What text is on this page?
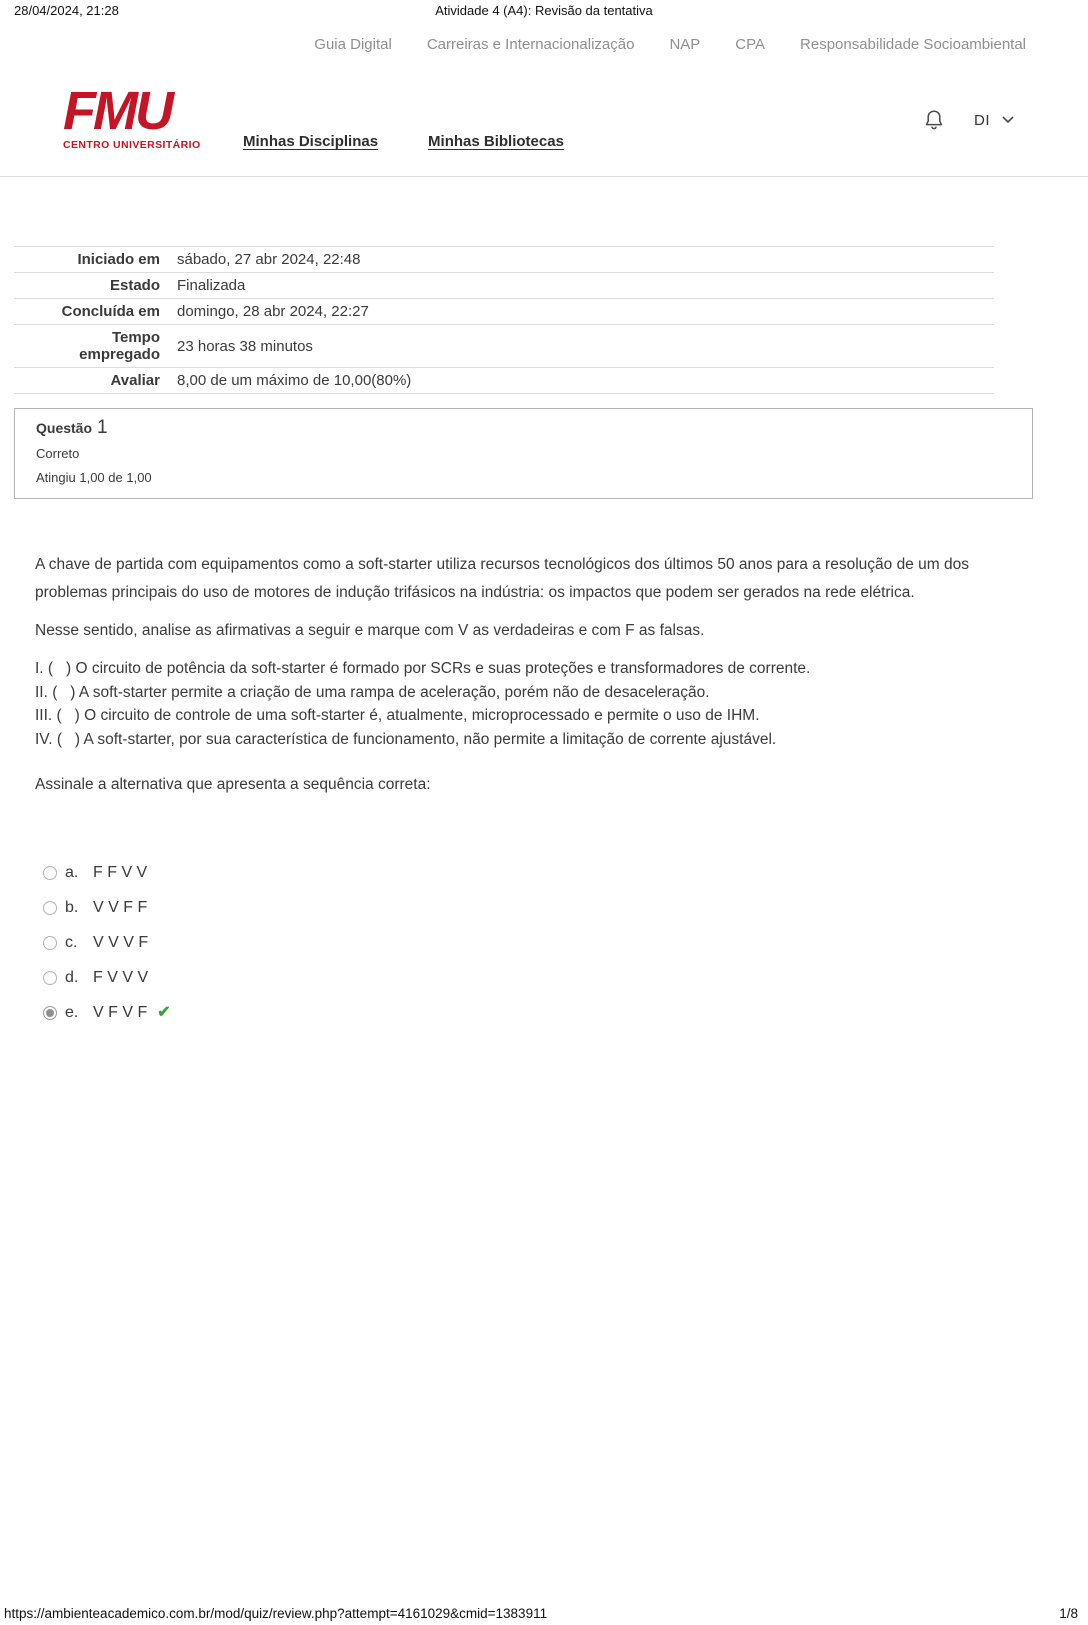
28/04/2024, 21:28	Atividade 4 (A4): Revisão da tentativa
Guia Digital Carreiras e Internacionalização NAP CPA Responsabilidade Socioambiental
FMU
CENTRO UNIVERSITÁRIO	Minhas Disciplinas	Minhas Bibliotecas
DI
Iniciado em	sábado, 27 abr 2024, 22:48
Estado	Finalizada
Concluída em	domingo, 28 abr 2024, 22:27
Tempo empregado	23 horas 38 minutos
Avaliar	8,00 de um máximo de 10,00(80%)
Questão 1
Correto
Atingiu 1,00 de 1,00

A chave de partida com equipamentos como a soft-starter utiliza recursos tecnológicos dos últimos 50 anos para a resolução de um dos problemas principais do uso de motores de indução trifásicos na indústria: os impactos que podem ser gerados na rede elétrica.

Nesse sentido, analise as afirmativas a seguir e marque com V as verdadeiras e com F as falsas.

I. (   ) O circuito de potência da soft-starter é formado por SCRs e suas proteções e transformadores de corrente.
II. (   ) A soft-starter permite a criação de uma rampa de aceleração, porém não de desaceleração.
III. (   ) O circuito de controle de uma soft-starter é, atualmente, microprocessado e permite o uso de IHM.
IV. (   ) A soft-starter, por sua característica de funcionamento, não permite a limitação de corrente ajustável.

Assinale a alternativa que apresenta a sequência correta:

a. F F V V
b. V V F F
c. V V V F
d. F V V V
e. V F V F ✔
https://ambienteacademico.com.br/mod/quiz/review.php?attempt=4161029&cmid=1383911	1/8
